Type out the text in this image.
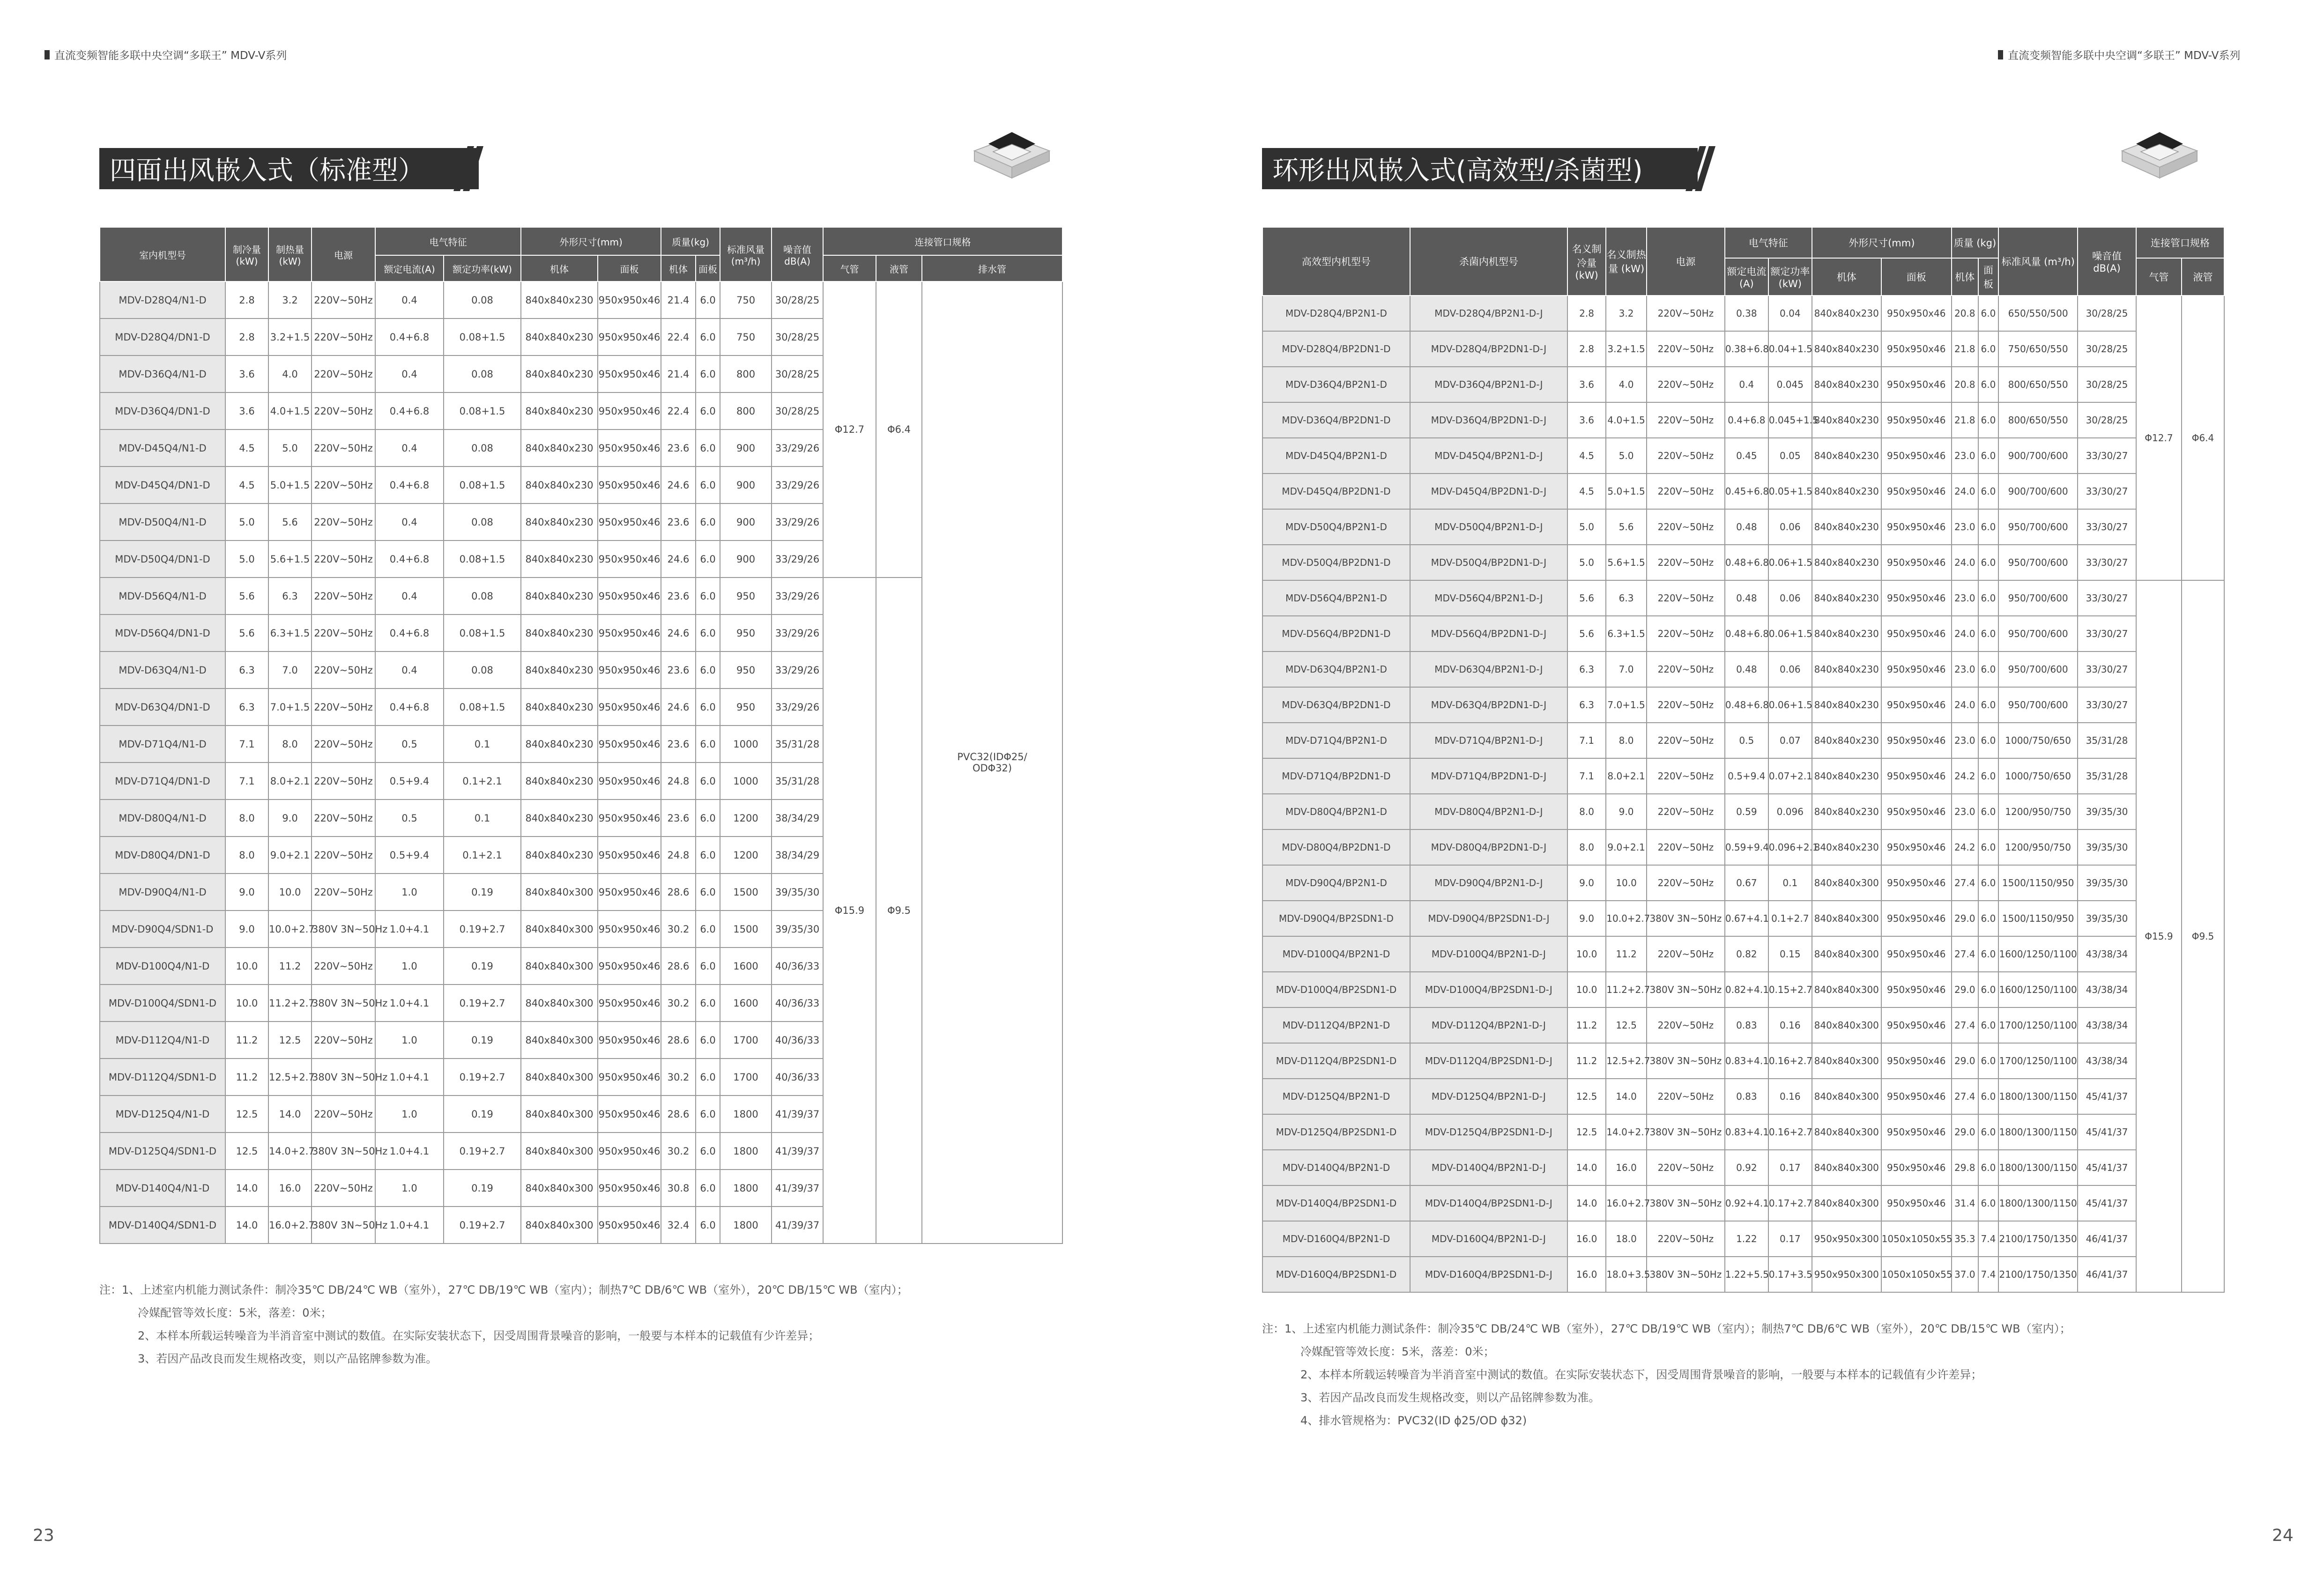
直流变频智能多联中央空调“多联王” MDV-V系列	直流变频智能多联中央空调“多联王” MDV-V系列
四面出风嵌入式（标准型）	环形出风嵌入式(高效型/杀菌型)
室内机型号	制冷量 (kW)	制热量 (kW)	电源	电气特征		外形尺寸(mm)		质量(kg)		标准风量 (m³/h)	噪音值 dB(A)	连接管口规格		
				额定电流(A)	额定功率(kW)	机体	面板	机体	面板			气管	液管	排水管
MDV-D28Q4/N1-D	2.8	3.2	220V~50Hz	0.4	0.08	840x840x230	950x950x46	21.4	6.0	750	30/28/25	Φ12.7	Φ6.4	PVC32(IDΦ25/ ODΦ32)
MDV-D28Q4/DN1-D	2.8	3.2+1.5	220V~50Hz	0.4+6.8	0.08+1.5	840x840x230	950x950x46	22.4	6.0	750	30/28/25			
MDV-D36Q4/N1-D	3.6	4.0	220V~50Hz	0.4	0.08	840x840x230	950x950x46	21.4	6.0	800	30/28/25			
MDV-D36Q4/DN1-D	3.6	4.0+1.5	220V~50Hz	0.4+6.8	0.08+1.5	840x840x230	950x950x46	22.4	6.0	800	30/28/25			
MDV-D45Q4/N1-D	4.5	5.0	220V~50Hz	0.4	0.08	840x840x230	950x950x46	23.6	6.0	900	33/29/26			
MDV-D45Q4/DN1-D	4.5	5.0+1.5	220V~50Hz	0.4+6.8	0.08+1.5	840x840x230	950x950x46	24.6	6.0	900	33/29/26			
MDV-D50Q4/N1-D	5.0	5.6	220V~50Hz	0.4	0.08	840x840x230	950x950x46	23.6	6.0	900	33/29/26			
MDV-D50Q4/DN1-D	5.0	5.6+1.5	220V~50Hz	0.4+6.8	0.08+1.5	840x840x230	950x950x46	24.6	6.0	900	33/29/26			
MDV-D56Q4/N1-D	5.6	6.3	220V~50Hz	0.4	0.08	840x840x230	950x950x46	23.6	6.0	950	33/29/26	Φ15.9	Φ9.5	
MDV-D56Q4/DN1-D	5.6	6.3+1.5	220V~50Hz	0.4+6.8	0.08+1.5	840x840x230	950x950x46	24.6	6.0	950	33/29/26			
MDV-D63Q4/N1-D	6.3	7.0	220V~50Hz	0.4	0.08	840x840x230	950x950x46	23.6	6.0	950	33/29/26			
MDV-D63Q4/DN1-D	6.3	7.0+1.5	220V~50Hz	0.4+6.8	0.08+1.5	840x840x230	950x950x46	24.6	6.0	950	33/29/26			
MDV-D71Q4/N1-D	7.1	8.0	220V~50Hz	0.5	0.1	840x840x230	950x950x46	23.6	6.0	1000	35/31/28			
MDV-D71Q4/DN1-D	7.1	8.0+2.1	220V~50Hz	0.5+9.4	0.1+2.1	840x840x230	950x950x46	24.8	6.0	1000	35/31/28			
MDV-D80Q4/N1-D	8.0	9.0	220V~50Hz	0.5	0.1	840x840x230	950x950x46	23.6	6.0	1200	38/34/29			
MDV-D80Q4/DN1-D	8.0	9.0+2.1	220V~50Hz	0.5+9.4	0.1+2.1	840x840x230	950x950x46	24.8	6.0	1200	38/34/29			
MDV-D90Q4/N1-D	9.0	10.0	220V~50Hz	1.0	0.19	840x840x300	950x950x46	28.6	6.0	1500	39/35/30			
MDV-D90Q4/SDN1-D	9.0	10.0+2.7	380V 3N~50Hz	1.0+4.1	0.19+2.7	840x840x300	950x950x46	30.2	6.0	1500	39/35/30			
MDV-D100Q4/N1-D	10.0	11.2	220V~50Hz	1.0	0.19	840x840x300	950x950x46	28.6	6.0	1600	40/36/33			
MDV-D100Q4/SDN1-D	10.0	11.2+2.7	380V 3N~50Hz	1.0+4.1	0.19+2.7	840x840x300	950x950x46	30.2	6.0	1600	40/36/33			
MDV-D112Q4/N1-D	11.2	12.5	220V~50Hz	1.0	0.19	840x840x300	950x950x46	28.6	6.0	1700	40/36/33			
MDV-D112Q4/SDN1-D	11.2	12.5+2.7	380V 3N~50Hz	1.0+4.1	0.19+2.7	840x840x300	950x950x46	30.2	6.0	1700	40/36/33			
MDV-D125Q4/N1-D	12.5	14.0	220V~50Hz	1.0	0.19	840x840x300	950x950x46	28.6	6.0	1800	41/39/37			
MDV-D125Q4/SDN1-D	12.5	14.0+2.7	380V 3N~50Hz	1.0+4.1	0.19+2.7	840x840x300	950x950x46	30.2	6.0	1800	41/39/37			
MDV-D140Q4/N1-D	14.0	16.0	220V~50Hz	1.0	0.19	840x840x300	950x950x46	30.8	6.0	1800	41/39/37			
MDV-D140Q4/SDN1-D	14.0	16.0+2.7	380V 3N~50Hz	1.0+4.1	0.19+2.7	840x840x300	950x950x46	32.4	6.0	1800	41/39/37			
高效型内机型号	杀菌内机型号	名义制冷量 (kW)	名义制热量 (kW)	电源	电气特征		外形尺寸(mm)		质量 (kg)		标准风量 (m³/h)	噪音值 dB(A)	连接管口规格	
					额定电流(A)	额定功率(kW)	机体	面板	机体	面板			气管	液管
MDV-D28Q4/BP2N1-D	MDV-D28Q4/BP2N1-D-J	2.8	3.2	220V~50Hz	0.38	0.04	840x840x230	950x950x46	20.8	6.0	650/550/500	30/28/25	Φ12.7	Φ6.4
MDV-D28Q4/BP2DN1-D	MDV-D28Q4/BP2DN1-D-J	2.8	3.2+1.5	220V~50Hz	0.38+6.8	0.04+1.5	840x840x230	950x950x46	21.8	6.0	750/650/550	30/28/25		
MDV-D36Q4/BP2N1-D	MDV-D36Q4/BP2N1-D-J	3.6	4.0	220V~50Hz	0.4	0.045	840x840x230	950x950x46	20.8	6.0	800/650/550	30/28/25		
MDV-D36Q4/BP2DN1-D	MDV-D36Q4/BP2DN1-D-J	3.6	4.0+1.5	220V~50Hz	0.4+6.8	0.045+1.5	840x840x230	950x950x46	21.8	6.0	800/650/550	30/28/25		
MDV-D45Q4/BP2N1-D	MDV-D45Q4/BP2N1-D-J	4.5	5.0	220V~50Hz	0.45	0.05	840x840x230	950x950x46	23.0	6.0	900/700/600	33/30/27		
MDV-D45Q4/BP2DN1-D	MDV-D45Q4/BP2DN1-D-J	4.5	5.0+1.5	220V~50Hz	0.45+6.8	0.05+1.5	840x840x230	950x950x46	24.0	6.0	900/700/600	33/30/27		
MDV-D50Q4/BP2N1-D	MDV-D50Q4/BP2N1-D-J	5.0	5.6	220V~50Hz	0.48	0.06	840x840x230	950x950x46	23.0	6.0	950/700/600	33/30/27		
MDV-D50Q4/BP2DN1-D	MDV-D50Q4/BP2DN1-D-J	5.0	5.6+1.5	220V~50Hz	0.48+6.8	0.06+1.5	840x840x230	950x950x46	24.0	6.0	950/700/600	33/30/27		
MDV-D56Q4/BP2N1-D	MDV-D56Q4/BP2N1-D-J	5.6	6.3	220V~50Hz	0.48	0.06	840x840x230	950x950x46	23.0	6.0	950/700/600	33/30/27	Φ15.9	Φ9.5
MDV-D56Q4/BP2DN1-D	MDV-D56Q4/BP2DN1-D-J	5.6	6.3+1.5	220V~50Hz	0.48+6.8	0.06+1.5	840x840x230	950x950x46	24.0	6.0	950/700/600	33/30/27		
MDV-D63Q4/BP2N1-D	MDV-D63Q4/BP2N1-D-J	6.3	7.0	220V~50Hz	0.48	0.06	840x840x230	950x950x46	23.0	6.0	950/700/600	33/30/27		
MDV-D63Q4/BP2DN1-D	MDV-D63Q4/BP2DN1-D-J	6.3	7.0+1.5	220V~50Hz	0.48+6.8	0.06+1.5	840x840x230	950x950x46	24.0	6.0	950/700/600	33/30/27		
MDV-D71Q4/BP2N1-D	MDV-D71Q4/BP2N1-D-J	7.1	8.0	220V~50Hz	0.5	0.07	840x840x230	950x950x46	23.0	6.0	1000/750/650	35/31/28		
MDV-D71Q4/BP2DN1-D	MDV-D71Q4/BP2DN1-D-J	7.1	8.0+2.1	220V~50Hz	0.5+9.4	0.07+2.1	840x840x230	950x950x46	24.2	6.0	1000/750/650	35/31/28		
MDV-D80Q4/BP2N1-D	MDV-D80Q4/BP2N1-D-J	8.0	9.0	220V~50Hz	0.59	0.096	840x840x230	950x950x46	23.0	6.0	1200/950/750	39/35/30		
MDV-D80Q4/BP2DN1-D	MDV-D80Q4/BP2DN1-D-J	8.0	9.0+2.1	220V~50Hz	0.59+9.4	0.096+2.1	840x840x230	950x950x46	24.2	6.0	1200/950/750	39/35/30		
MDV-D90Q4/BP2N1-D	MDV-D90Q4/BP2N1-D-J	9.0	10.0	220V~50Hz	0.67	0.1	840x840x300	950x950x46	27.4	6.0	1500/1150/950	39/35/30		
MDV-D90Q4/BP2SDN1-D	MDV-D90Q4/BP2SDN1-D-J	9.0	10.0+2.7	380V 3N~50Hz	0.67+4.1	0.1+2.7	840x840x300	950x950x46	29.0	6.0	1500/1150/950	39/35/30		
MDV-D100Q4/BP2N1-D	MDV-D100Q4/BP2N1-D-J	10.0	11.2	220V~50Hz	0.82	0.15	840x840x300	950x950x46	27.4	6.0	1600/1250/1100	43/38/34		
MDV-D100Q4/BP2SDN1-D	MDV-D100Q4/BP2SDN1-D-J	10.0	11.2+2.7	380V 3N~50Hz	0.82+4.1	0.15+2.7	840x840x300	950x950x46	29.0	6.0	1600/1250/1100	43/38/34		
MDV-D112Q4/BP2N1-D	MDV-D112Q4/BP2N1-D-J	11.2	12.5	220V~50Hz	0.83	0.16	840x840x300	950x950x46	27.4	6.0	1700/1250/1100	43/38/34		
MDV-D112Q4/BP2SDN1-D	MDV-D112Q4/BP2SDN1-D-J	11.2	12.5+2.7	380V 3N~50Hz	0.83+4.1	0.16+2.7	840x840x300	950x950x46	29.0	6.0	1700/1250/1100	43/38/34		
MDV-D125Q4/BP2N1-D	MDV-D125Q4/BP2N1-D-J	12.5	14.0	220V~50Hz	0.83	0.16	840x840x300	950x950x46	27.4	6.0	1800/1300/1150	45/41/37		
MDV-D125Q4/BP2SDN1-D	MDV-D125Q4/BP2SDN1-D-J	12.5	14.0+2.7	380V 3N~50Hz	0.83+4.1	0.16+2.7	840x840x300	950x950x46	29.0	6.0	1800/1300/1150	45/41/37		
MDV-D140Q4/BP2N1-D	MDV-D140Q4/BP2N1-D-J	14.0	16.0	220V~50Hz	0.92	0.17	840x840x300	950x950x46	29.8	6.0	1800/1300/1150	45/41/37		
MDV-D140Q4/BP2SDN1-D	MDV-D140Q4/BP2SDN1-D-J	14.0	16.0+2.7	380V 3N~50Hz	0.92+4.1	0.17+2.7	840x840x300	950x950x46	31.4	6.0	1800/1300/1150	45/41/37		
MDV-D160Q4/BP2N1-D	MDV-D160Q4/BP2N1-D-J	16.0	18.0	220V~50Hz	1.22	0.17	950x950x300	1050x1050x55	35.3	7.4	2100/1750/1350	46/41/37		
MDV-D160Q4/BP2SDN1-D	MDV-D160Q4/BP2SDN1-D-J	16.0	18.0+3.5	380V 3N~50Hz	1.22+5.5	0.17+3.5	950x950x300	1050x1050x55	37.0	7.4	2100/1750/1350	46/41/37		
注：1、上述室内机能力测试条件：制冷35℃ DB/24℃ WB（室外），27℃ DB/19℃ WB（室内）；制热7℃ DB/6℃ WB（室外），20℃ DB/15℃ WB（室内）；
冷媒配管等效长度：5米，落差：0米；
2、本样本所载运转噪音为半消音室中测试的数值。在实际安装状态下，因受周围背景噪音的影响，一般要与本样本的记载值有少许差异；
3、若因产品改良而发生规格改变，则以产品铭牌参数为准。
注：1、上述室内机能力测试条件：制冷35℃ DB/24℃ WB（室外），27℃ DB/19℃ WB（室内）；制热7℃ DB/6℃ WB（室外），20℃ DB/15℃ WB（室内）；
冷媒配管等效长度：5米，落差：0米；
2、本样本所载运转噪音为半消音室中测试的数值。在实际安装状态下，因受周围背景噪音的影响，一般要与本样本的记载值有少许差异；
3、若因产品改良而发生规格改变，则以产品铭牌参数为准。
4、排水管规格为：PVC32(ID ϕ25/OD ϕ32)
23	24
